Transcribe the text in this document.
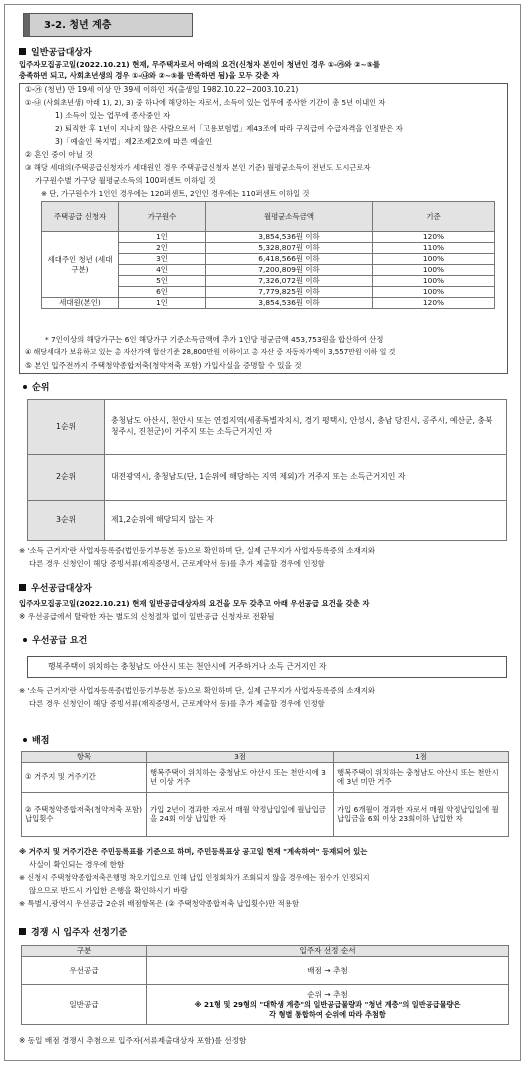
3-2. 청년 계층
일반공급대상자
입주자모집공고일(2022.10.21) 현재, 무주택자로서 아래의 요건(신청자 본인이 청년인 경우 ①-㉮와 ②~⑤를
충족하면 되고, 사회초년생의 경우 ①-㉯와 ②~⑤를 만족하면 됨)을 모두 갖춘 자
①-㉮ (청년) 만 19세 이상 만 39세 이하인 자(출생일 1982.10.22~2003.10.21)
①-㉯ (사회초년생) 아래 1), 2), 3) 중 하나에 해당하는 자로서, 소득이 있는 업무에 종사한 기간이 총 5년 이내인 자
1) 소득이 있는 업무에 종사중인 자
2) 퇴직한 후 1년이 지나지 않은 사람으로서「고용보험법」제43조에 따라 구직급여 수급자격을 인정받은 자
3)「예술인 복지법」제2조제2호에 따른 예술인
② 혼인 중이 아닐 것
③ 해당 세대의(주택공급신청자가 세대원인 경우 주택공급신청자 본인 기준) 월평균소득이 전년도 도시근로자
가구원수별 가구당 월평균소득의 100퍼센트 이하일 것
※ 단, 가구원수가 1인인 경우에는 120퍼센트, 2인인 경우에는 110퍼센트 이하일 것
주택공급 신청자	가구원수	월평균소득금액	기준
세대주인 청년 (세대구분)	1인	3,854,536원 이하	120%
	2인	5,328,807원 이하	110%
	3인	6,418,566원 이하	100%
	4인	7,200,809원 이하	100%
	5인	7,326,072원 이하	100%
	6인	7,779,825원 이하	100%
세대원(본인)	1인	3,854,536원 이하	120%
* 7인이상의 해당가구는 6인 해당가구 기준소득금액에 추가 1인당 평균금액 453,753원을 합산하여 산정
④ 해당세대가 보유하고 있는 총 자산가액 합산기준 28,800만원 이하이고 총 자산 중 자동차가액이 3,557만원 이하 일 것
⑤ 본인 입주전까지 주택청약종합저축(청약저축 포함) 가입사실을 증명할 수 있을 것
순위
1순위	충청남도 아산시, 천안시 또는 연접지역(세종특별자치시, 경기 평택시, 안성시, 충남 당진시, 공주시, 예산군, 충북 청주시, 진천군)이 거주지 또는 소득근거지인 자
2순위	대전광역시, 충청남도(단, 1순위에 해당하는 지역 제외)가 거주지 또는 소득근거지인 자
3순위	제1,2순위에 해당되지 않는 자
※ '소득 근거지'란 사업자등록증(법인등기부등본 등)으로 확인하며 단, 실제 근무지가 사업자등록증의 소재지와
다른 경우 신청인이 해당 증빙서류(재직증명서, 근로계약서 등)를 추가 제출할 경우에 인정함
우선공급대상자
입주자모집공고일(2022.10.21) 현재 일반공급대상자의 요건을 모두 갖추고 아래 우선공급 요건을 갖춘 자
※ 우선공급에서 탈락한 자는 별도의 신청절차 없이 일반공급 신청자로 전환됨
우선공급 요건
행복주택이 위치하는 충청남도 아산시 또는 천안시에 거주하거나 소득 근거지인 자
※ '소득 근거지'란 사업자등록증(법인등기부등본 등)으로 확인하며 단, 실제 근무지가 사업자등록증의 소재지와
다른 경우 신청인이 해당 증빙서류(재직증명서, 근로계약서 등)를 추가 제출할 경우에 인정함
배점
항목	3점	1점
① 거주지 및 거주기간	행복주택이 위치하는 충청남도 아산시 또는 천안시에 3년 이상 거주	행복주택이 위치하는 충청남도 아산시 또는 천안시에 3년 미만 거주
② 주택청약종합저축(청약저축 포함) 납입횟수	가입 2년이 경과한 자로서 매월 약정납입일에 월납입금을 24회 이상 납입한 자	가입 6개월이 경과한 자로서 매월 약정납입일에 월납입금을 6회 이상 23회이하 납입한 자
※ 거주지 및 거주기간은 주민등록표를 기준으로 하며, 주민등록표상 공고일 현재 "계속하여" 등재되어 있는
사실이 확인되는 경우에 한함
※ 신청시 주택청약종합저축은행명 착오기입으로 인해 납입 인정회차가 조회되지 않을 경우에는 점수가 인정되지
않으므로 반드시 가입한 은행을 확인하시기 바람
※ 특별시,광역시 우선공급 2순위 배점항목은 (② 주택청약종합저축 납입횟수)만 적용함
경쟁 시 입주자 선정기준
구분	입주자 선정 순서
우선공급	배점 → 추첨
일반공급	순위 → 추첨
※ 21형 및 29형의 "대학생 계층"의 일반공급물량과 "청년 계층"의 일반공급물량은
각 형별 통합하여 순위에 따라 추첨함
※ 동일 배점 경쟁시 추첨으로 입주자(서류제출대상자 포함)를 선정함
